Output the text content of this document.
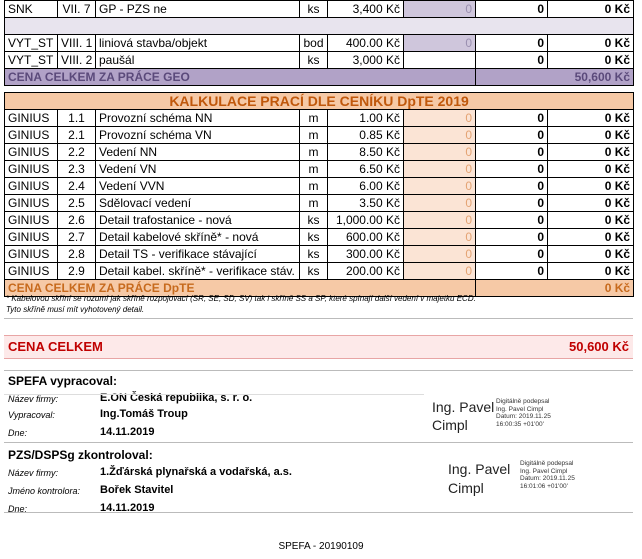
SNK	VII. 7	GP - PZS ne	ks	3,400 Kč	0	0	0 Kč

VYT_ST	VIII. 1	liniová stavba/objekt	bod	400.00 Kč	0	0	0 Kč
VYT_ST	VIII. 2	paušál	ks	3,000 Kč		0	0 Kč
CENA CELKEM ZA PRÁCE GEO						50,600 Kč	
KALKULACE PRACÍ DLE CENÍKU DpTE 2019							
GINIUS	1.1	Provozní schéma NN	m	1.00 Kč	0	0	0 Kč
GINIUS	2.1	Provozní schéma VN	m	0.85 Kč	0	0	0 Kč
GINIUS	2.2	Vedení NN	m	8.50 Kč	0	0	0 Kč
GINIUS	2.3	Vedení VN	m	6.50 Kč	0	0	0 Kč
GINIUS	2.4	Vedení VVN	m	6.00 Kč	0	0	0 Kč
GINIUS	2.5	Sdělovací vedení	m	3.50 Kč	0	0	0 Kč
GINIUS	2.6	Detail trafostanice - nová	ks	1,000.00 Kč	0	0	0 Kč
GINIUS	2.7	Detail kabelové skříně* - nová	ks	600.00 Kč	0	0	0 Kč
GINIUS	2.8	Detail TS - verifikace stávající	ks	300.00 Kč	0	0	0 Kč
GINIUS	2.9	Detail kabel. skříně* - verifikace stáv.	ks	200.00 Kč	0	0	0 Kč
CENA CELKEM ZA PRÁCE DpTE						0 Kč	
* Kabelovou skříní se rozumí jak skříně rozpojovací (SR, SE, SD, SV) tak i skříně SS a SP, které spínají další vedení v majetku ECD.
Tyto skříně musí mít vyhotovený detail.
CENA CELKEM	50,600 Kč
SPEFA vypracoval:
Název firmy:	E.ON Česká republika, s. r. o.
Vypracoval:	Ing.Tomáš Troup
Dne:	14.11.2019
Ing. Pavel
Cimpl
Digitálně podepsal
Ing. Pavel Cimpl
Datum: 2019.11.25
16:00:35 +01'00'
PZS/DSPSg zkontroloval:
Název firmy:	1.Žďárská plynařská a vodařská, a.s.
Jméno kontrolora: Bořek Stavitel
Dne:	14.11.2019
Ing. Pavel
Cimpl
Digitálně podepsal
Ing. Pavel Cimpl
Datum: 2019.11.25
16:01:06 +01'00'
SPEFA - 20190109
